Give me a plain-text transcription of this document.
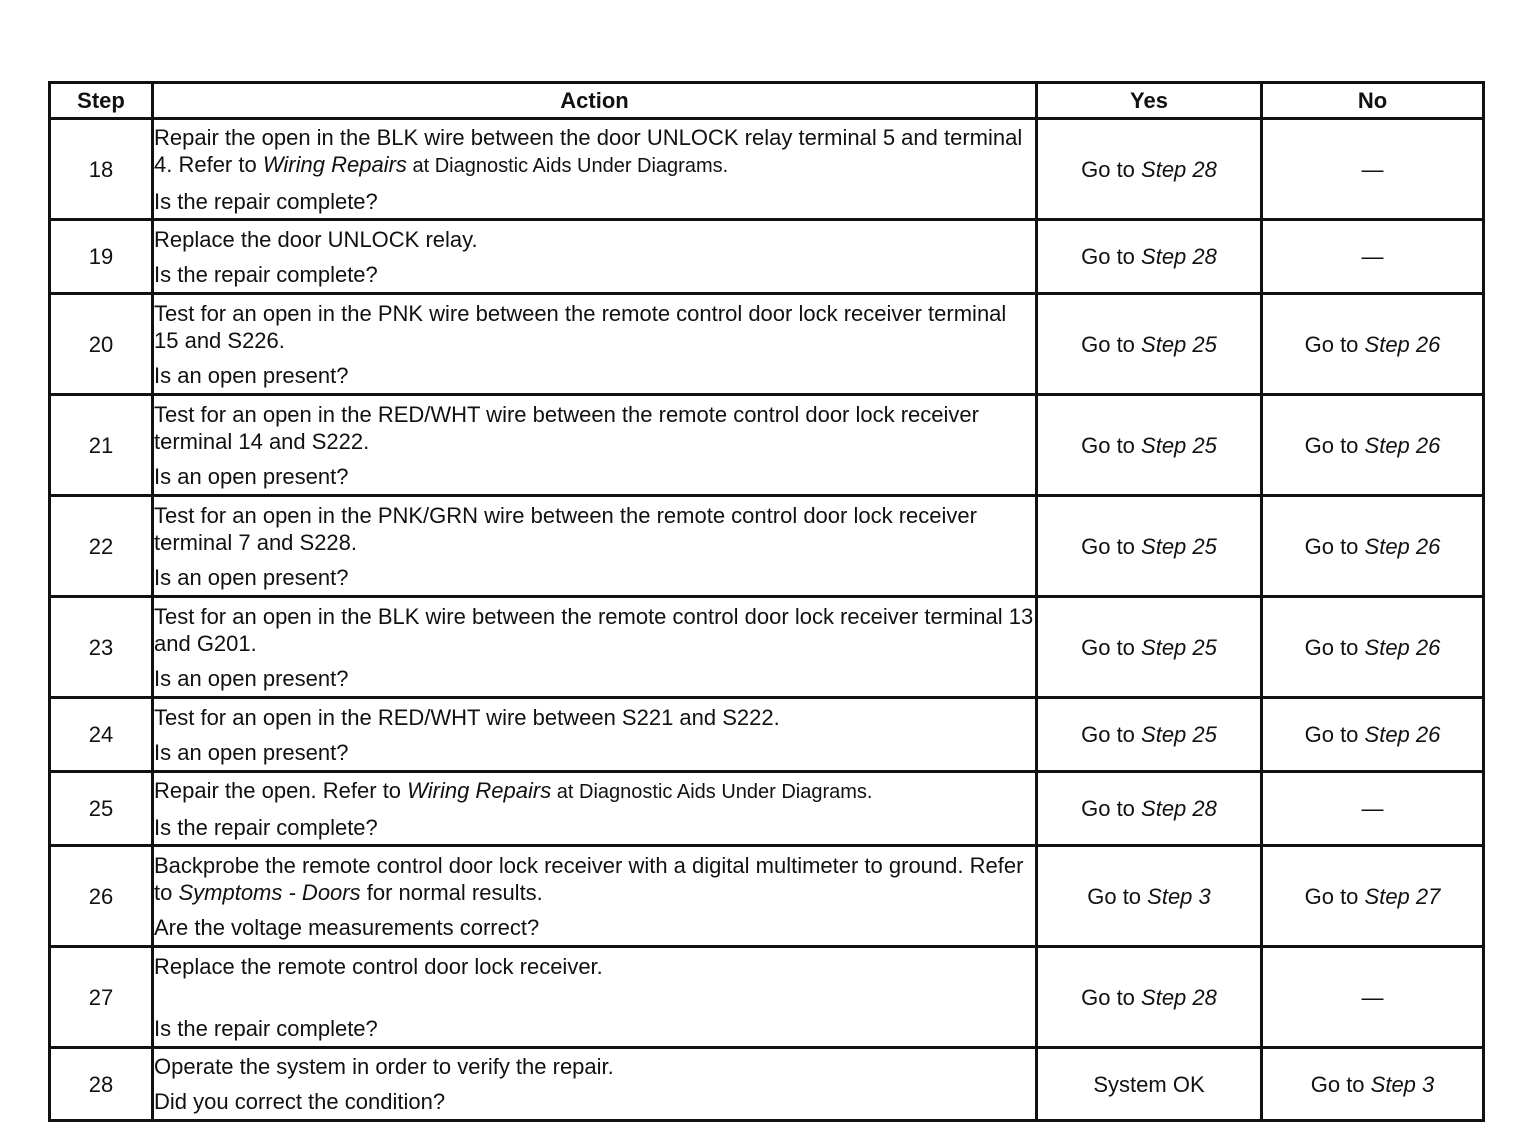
Step	Action	Yes	No
18	Repair the open in the BLK wire between the door UNLOCK relay terminal 5 and terminal 4. Refer to Wiring Repairs at Diagnostic Aids Under Diagrams.
Is the repair complete?	Go to Step 28	—
19	Replace the door UNLOCK relay.
Is the repair complete?	Go to Step 28	—
20	Test for an open in the PNK wire between the remote control door lock receiver terminal 15 and S226.
Is an open present?	Go to Step 25	Go to Step 26
21	Test for an open in the RED/WHT wire between the remote control door lock receiver terminal 14 and S222.
Is an open present?	Go to Step 25	Go to Step 26
22	Test for an open in the PNK/GRN wire between the remote control door lock receiver terminal 7 and S228.
Is an open present?	Go to Step 25	Go to Step 26
23	Test for an open in the BLK wire between the remote control door lock receiver terminal 13 and G201.
Is an open present?	Go to Step 25	Go to Step 26
24	Test for an open in the RED/WHT wire between S221 and S222.
Is an open present?	Go to Step 25	Go to Step 26
25	Repair the open. Refer to Wiring Repairs at Diagnostic Aids Under Diagrams.
Is the repair complete?	Go to Step 28	—
26	Backprobe the remote control door lock receiver with a digital multimeter to ground. Refer to Symptoms - Doors for normal results.
Are the voltage measurements correct?	Go to Step 3	Go to Step 27
27	Replace the remote control door lock receiver.
Is the repair complete?	Go to Step 28	—
28	Operate the system in order to verify the repair.
Did you correct the condition?	System OK	Go to Step 3
